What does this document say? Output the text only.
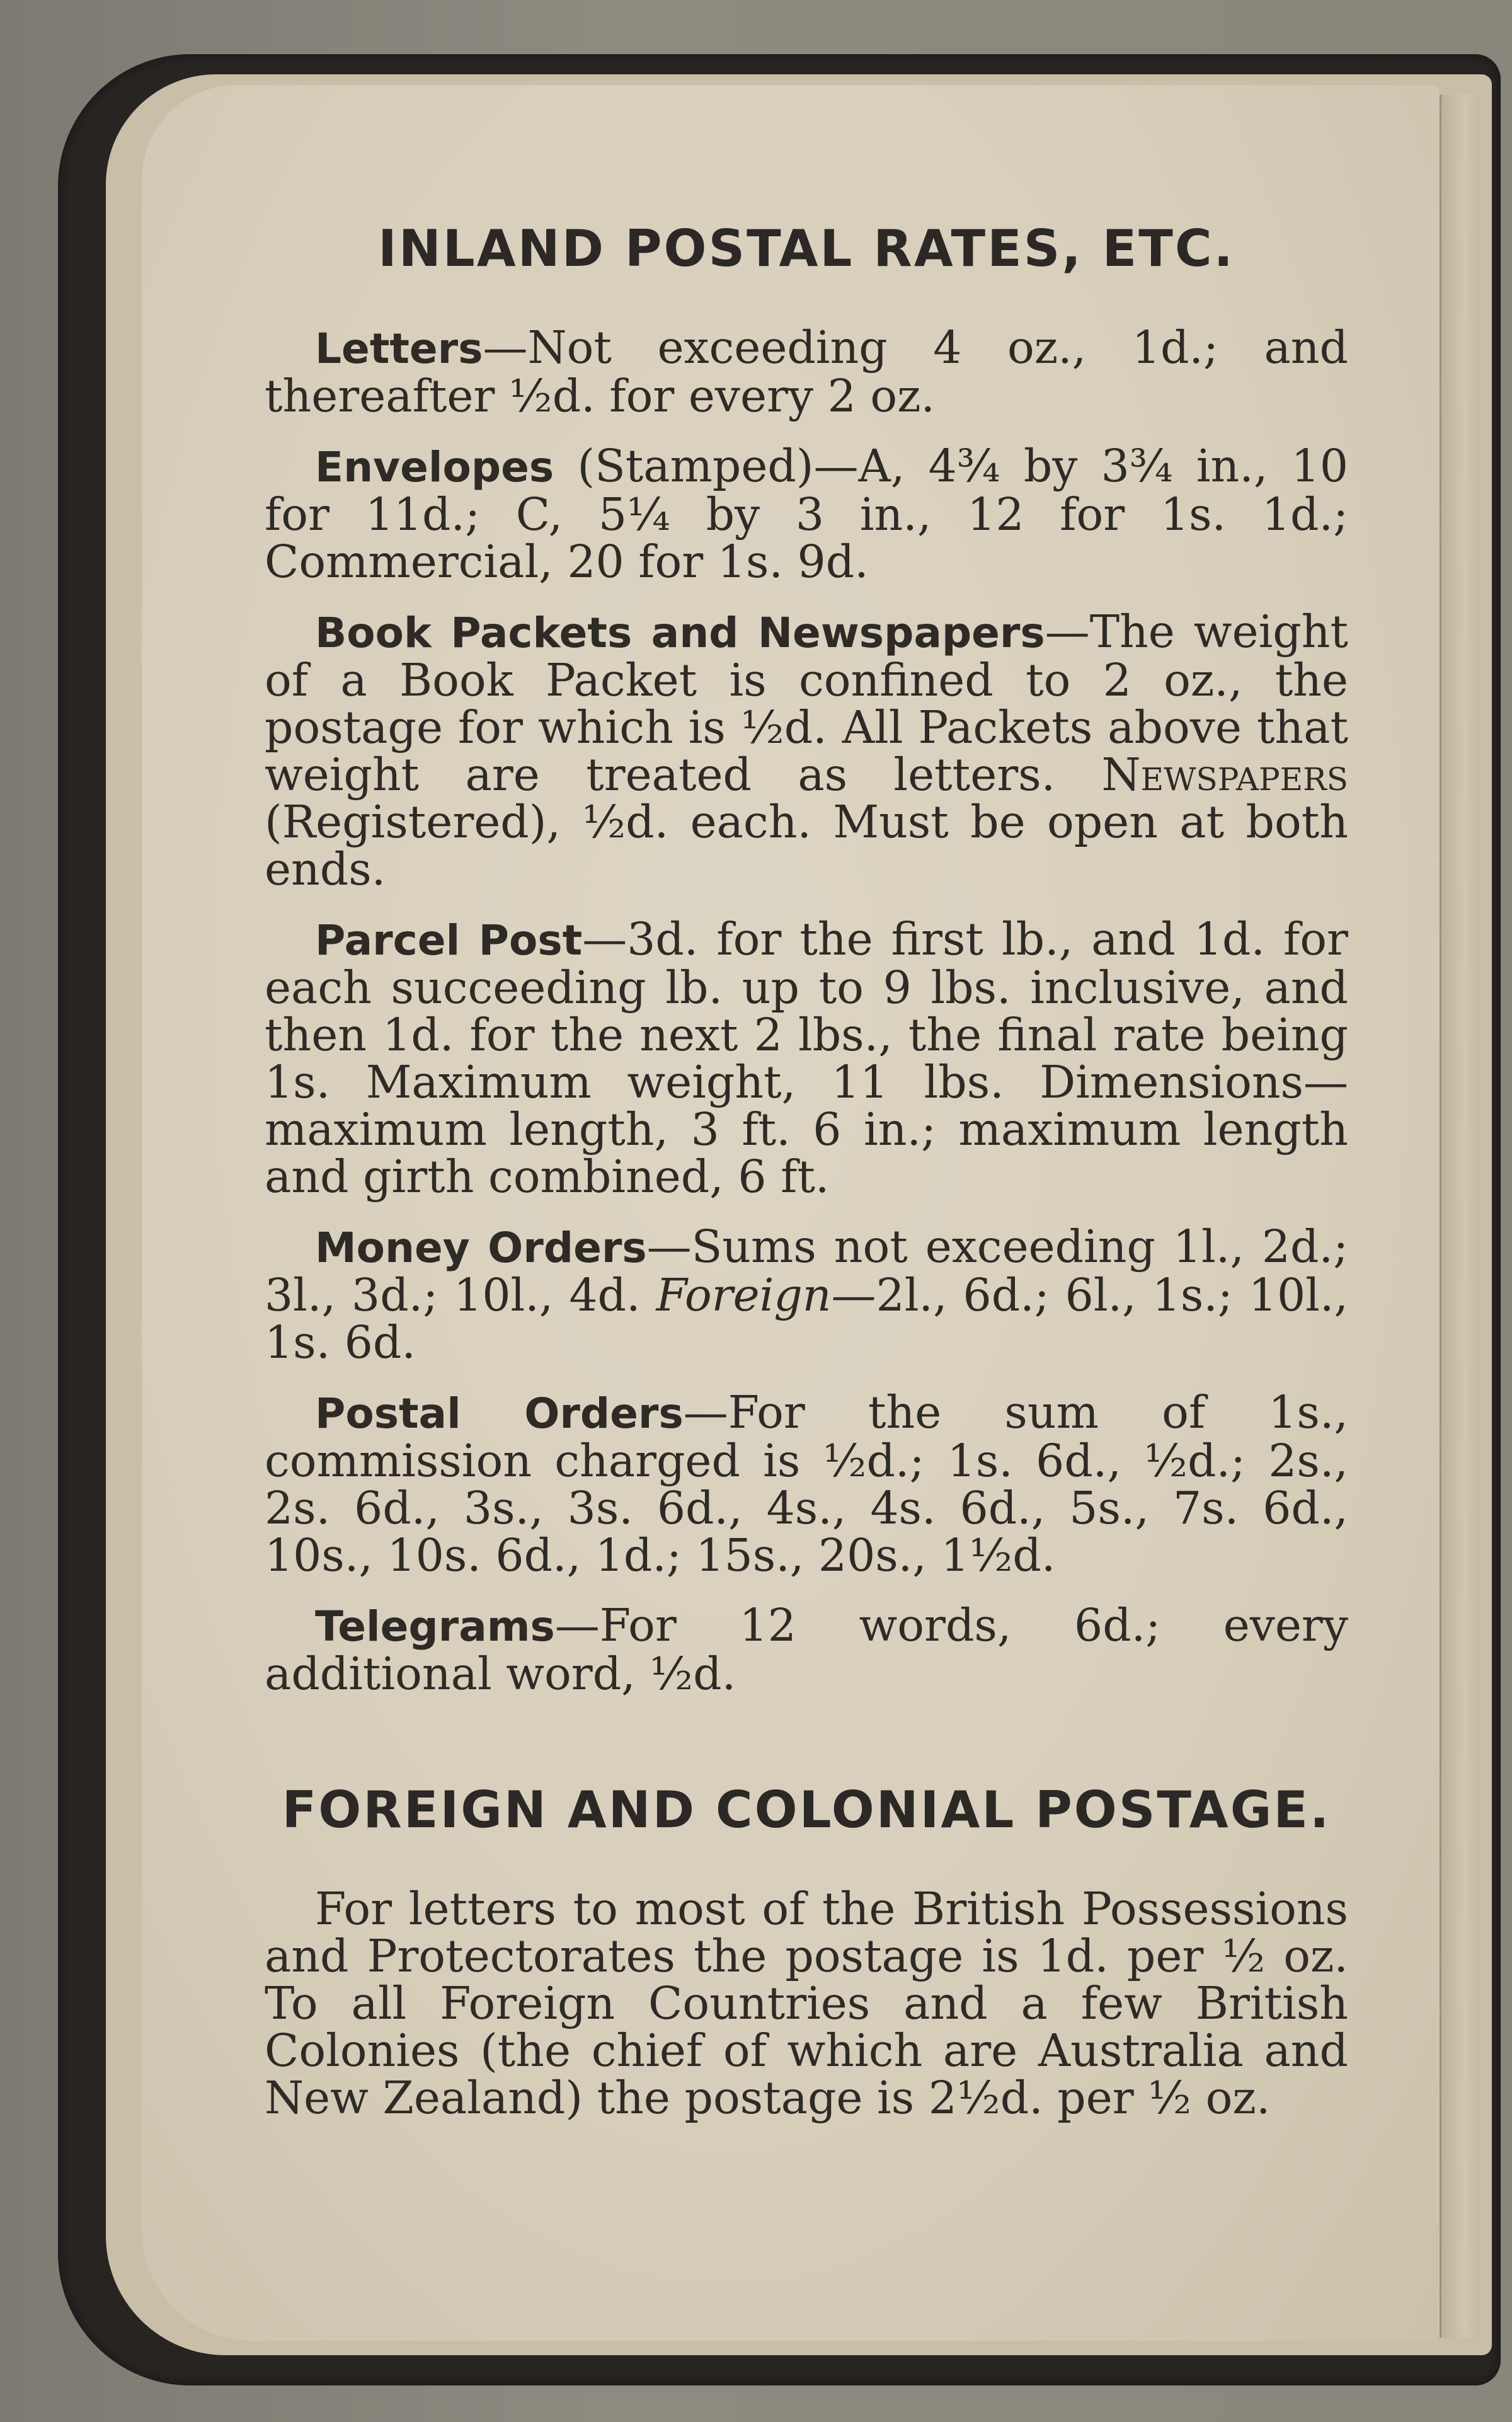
INLAND POSTAL RATES, ETC.

Letters—Not exceeding 4 oz., 1d.; and thereafter ½d. for every 2 oz.

Envelopes (Stamped)—A, 4¾ by 3¾ in., 10 for 11d.; C, 5¼ by 3 in., 12 for 1s. 1d.; Commercial, 20 for 1s. 9d.

Book Packets and Newspapers—The weight of a Book Packet is confined to 2 oz., the postage for which is ½d. All Packets above that weight are treated as letters. Newspapers (Registered), ½d. each. Must be open at both ends.

Parcel Post—3d. for the first lb., and 1d. for each succeeding lb. up to 9 lbs. inclusive, and then 1d. for the next 2 lbs., the final rate being 1s. Maximum weight, 11 lbs. Dimensions—maximum length, 3 ft. 6 in.; maximum length and girth combined, 6 ft.

Money Orders—Sums not exceeding 1l., 2d.; 3l., 3d.; 10l., 4d. Foreign—2l., 6d.; 6l., 1s.; 10l., 1s. 6d.

Postal Orders—For the sum of 1s., commission charged is ½d.; 1s. 6d., ½d.; 2s., 2s. 6d., 3s., 3s. 6d., 4s., 4s. 6d., 5s., 7s. 6d., 10s., 10s. 6d., 1d.; 15s., 20s., 1½d.

Telegrams—For 12 words, 6d.; every additional word, ½d.

FOREIGN AND COLONIAL POSTAGE.

For letters to most of the British Possessions and Protectorates the postage is 1d. per ½ oz. To all Foreign Countries and a few British Colonies (the chief of which are Australia and New Zealand) the postage is 2½d. per ½ oz.
